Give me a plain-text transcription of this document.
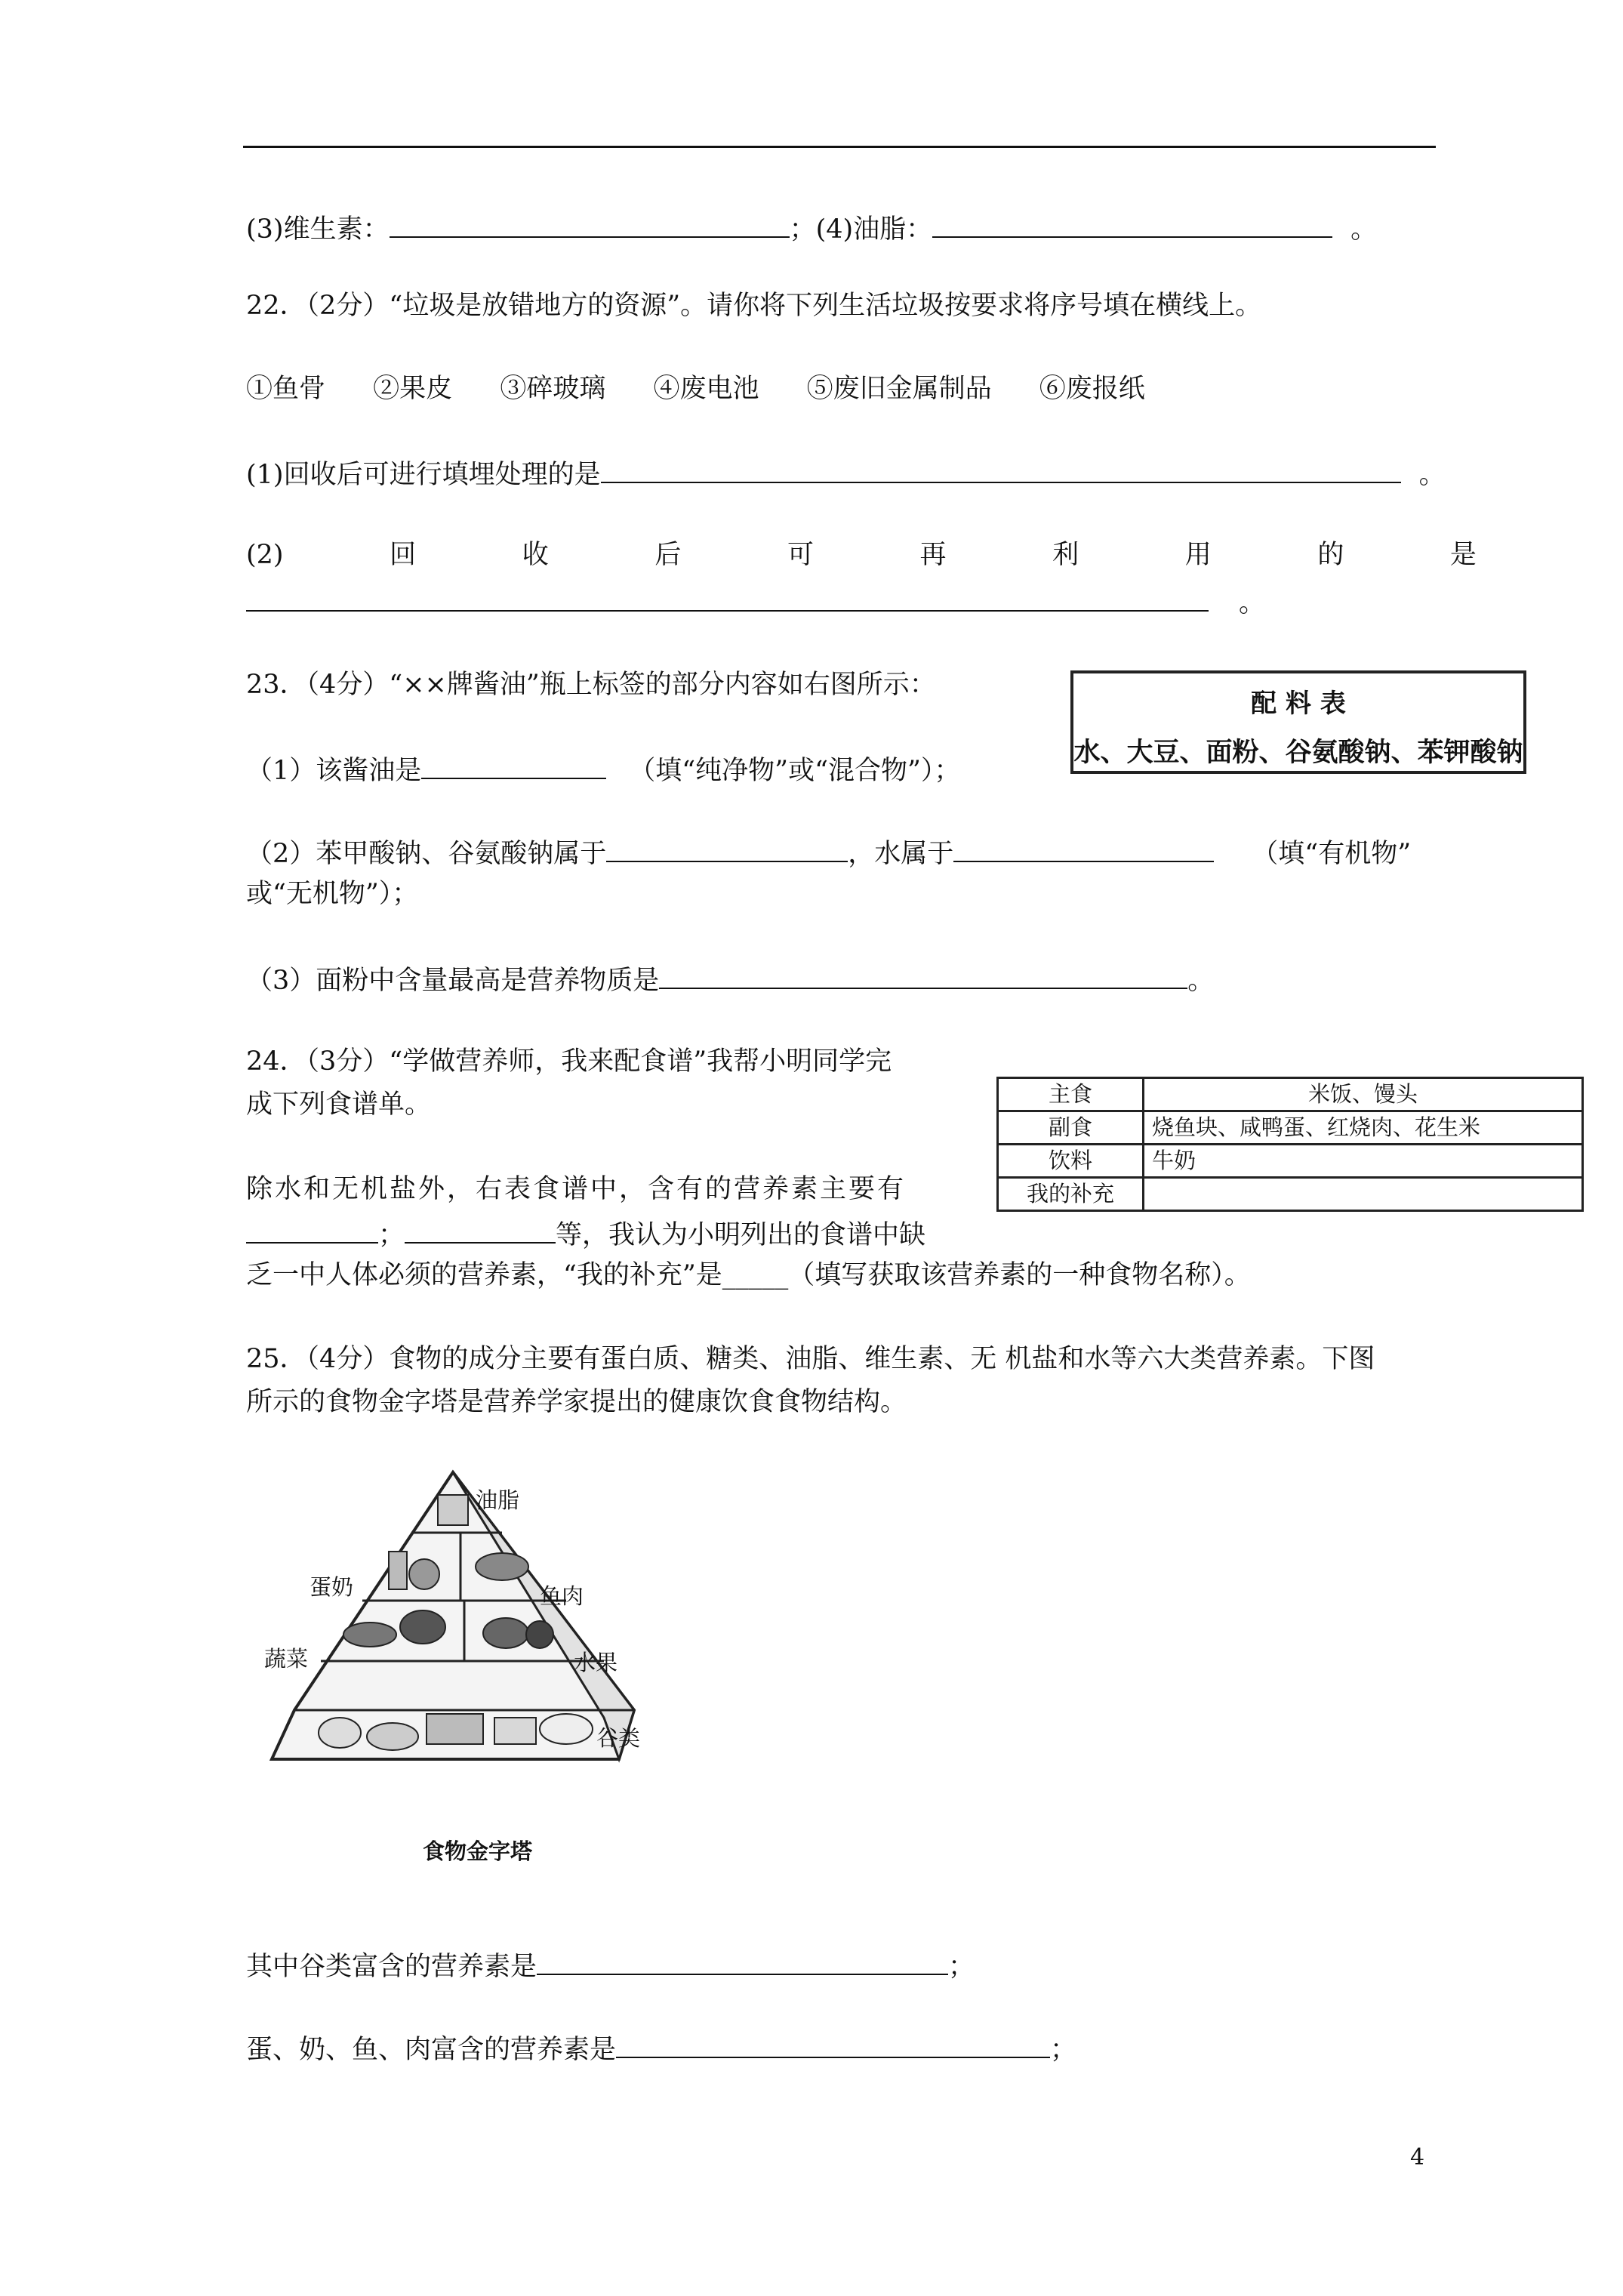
(3)维生素：	；(4)油脂：	。
22．（2分）“垃圾是放错地方的资源”。请你将下列生活垃圾按要求将序号填在横线上。
①鱼骨 ②果皮 ③碎玻璃 ④废电池 ⑤废旧金属制品 ⑥废报纸
(1)回收后可进行填埋处理的是	。
(2)	回	收	后	可	再	利	用	的	是
。
23．（4分）“××牌酱油”瓶上标签的部分内容如右图所示：
配 料 表
水、大豆、面粉、谷氨酸钠、苯钾酸钠
（1）该酱油是	（填“纯净物”或“混合物”）；
（2）苯甲酸钠、谷氨酸钠属于	，水属于	（填“有机物”
或“无机物”）；
（3）面粉中含量最高是营养物质是	。
24．（3分）“学做营养师，我来配食谱”我帮小明同学完
成下列食谱单。	主食	米饭、馒头
副食	烧鱼块、咸鸭蛋、红烧肉、花生米
饮料	牛奶
我的补充	
除水和无机盐外，右表食谱中，含有的营养素主要有
；	等，我认为小明列出的食谱中缺
乏一中人体必须的营养素，“我的补充”是_____（填写获取该营养素的一种食物名称）。
25．（4分）食物的成分主要有蛋白质、糖类、油脂、维生素、无 机盐和水等六大类营养素。下图
所示的食物金字塔是营养学家提出的健康饮食食物结构。
油脂
蛋奶	鱼肉
蔬菜	水果
谷类
食物金字塔
其中谷类富含的营养素是	；
蛋、奶、鱼、肉富含的营养素是	；
4
